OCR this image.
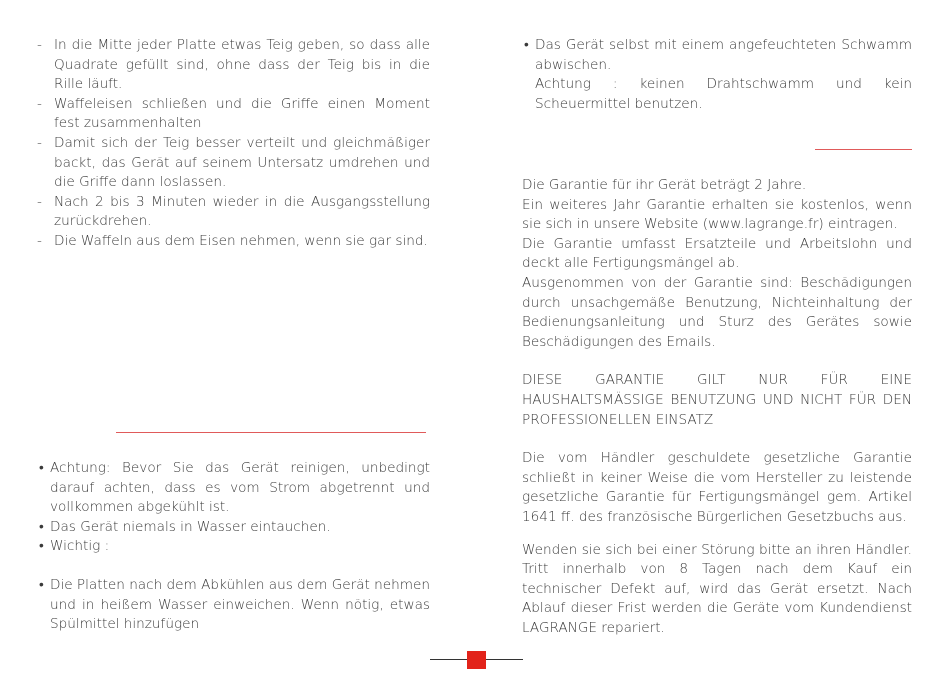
- In die Mitte jeder Platte etwas Teig geben, so dass alle Quadrate gefüllt sind, ohne dass der Teig bis in die Rille läuft.
- Waffeleisen schließen und die Griffe einen Moment fest zusammenhalten
- Damit sich der Teig besser verteilt und gleichmäßiger backt, das Gerät auf seinem Untersatz umdrehen und die Griffe dann loslassen.
- Nach 2 bis 3 Minuten wieder in die Ausgangsstellung zurückdrehen.
- Die Waffeln aus dem Eisen nehmen, wenn sie gar sind.
• Achtung: Bevor Sie das Gerät reinigen, unbedingt darauf achten, dass es vom Strom abgetrennt und vollkommen abgekühlt ist.
• Das Gerät niemals in Wasser eintauchen.
• Wichtig :
• Die Platten nach dem Abkühlen aus dem Gerät nehmen und in heißem Wasser einweichen. Wenn nötig, etwas Spülmittel hinzufügen
• Das Gerät selbst mit einem angefeuchteten Schwamm abwischen.
Achtung : keinen Drahtschwamm und kein Scheuermittel benutzen.

Die Garantie für ihr Gerät beträgt 2 Jahre.

Ein weiteres Jahr Garantie erhalten sie kostenlos, wenn sie sich in unsere Website (www.lagrange.fr) eintragen.

Die Garantie umfasst Ersatzteile und Arbeitslohn und deckt alle Fertigungsmängel ab.

Ausgenommen von der Garantie sind: Beschädigungen durch unsachgemäße Benutzung, Nichteinhaltung der Bedienungsanleitung und Sturz des Gerätes sowie Beschädigungen des Emails.

DIESE GARANTIE GILT NUR FÜR EINE HAUSHALTSMÄSSIGE BENUTZUNG UND NICHT FÜR DEN PROFESSIONELLEN EINSATZ

Die vom Händler geschuldete gesetzliche Garantie schließt in keiner Weise die vom Hersteller zu leistende gesetzliche Garantie für Fertigungsmängel gem. Artikel 1641 ff. des französische Bürgerlichen Gesetzbuchs aus.

Wenden sie sich bei einer Störung bitte an ihren Händler. Tritt innerhalb von 8 Tagen nach dem Kauf ein technischer Defekt auf, wird das Gerät ersetzt. Nach Ablauf dieser Frist werden die Geräte vom Kundendienst LAGRANGE repariert.
